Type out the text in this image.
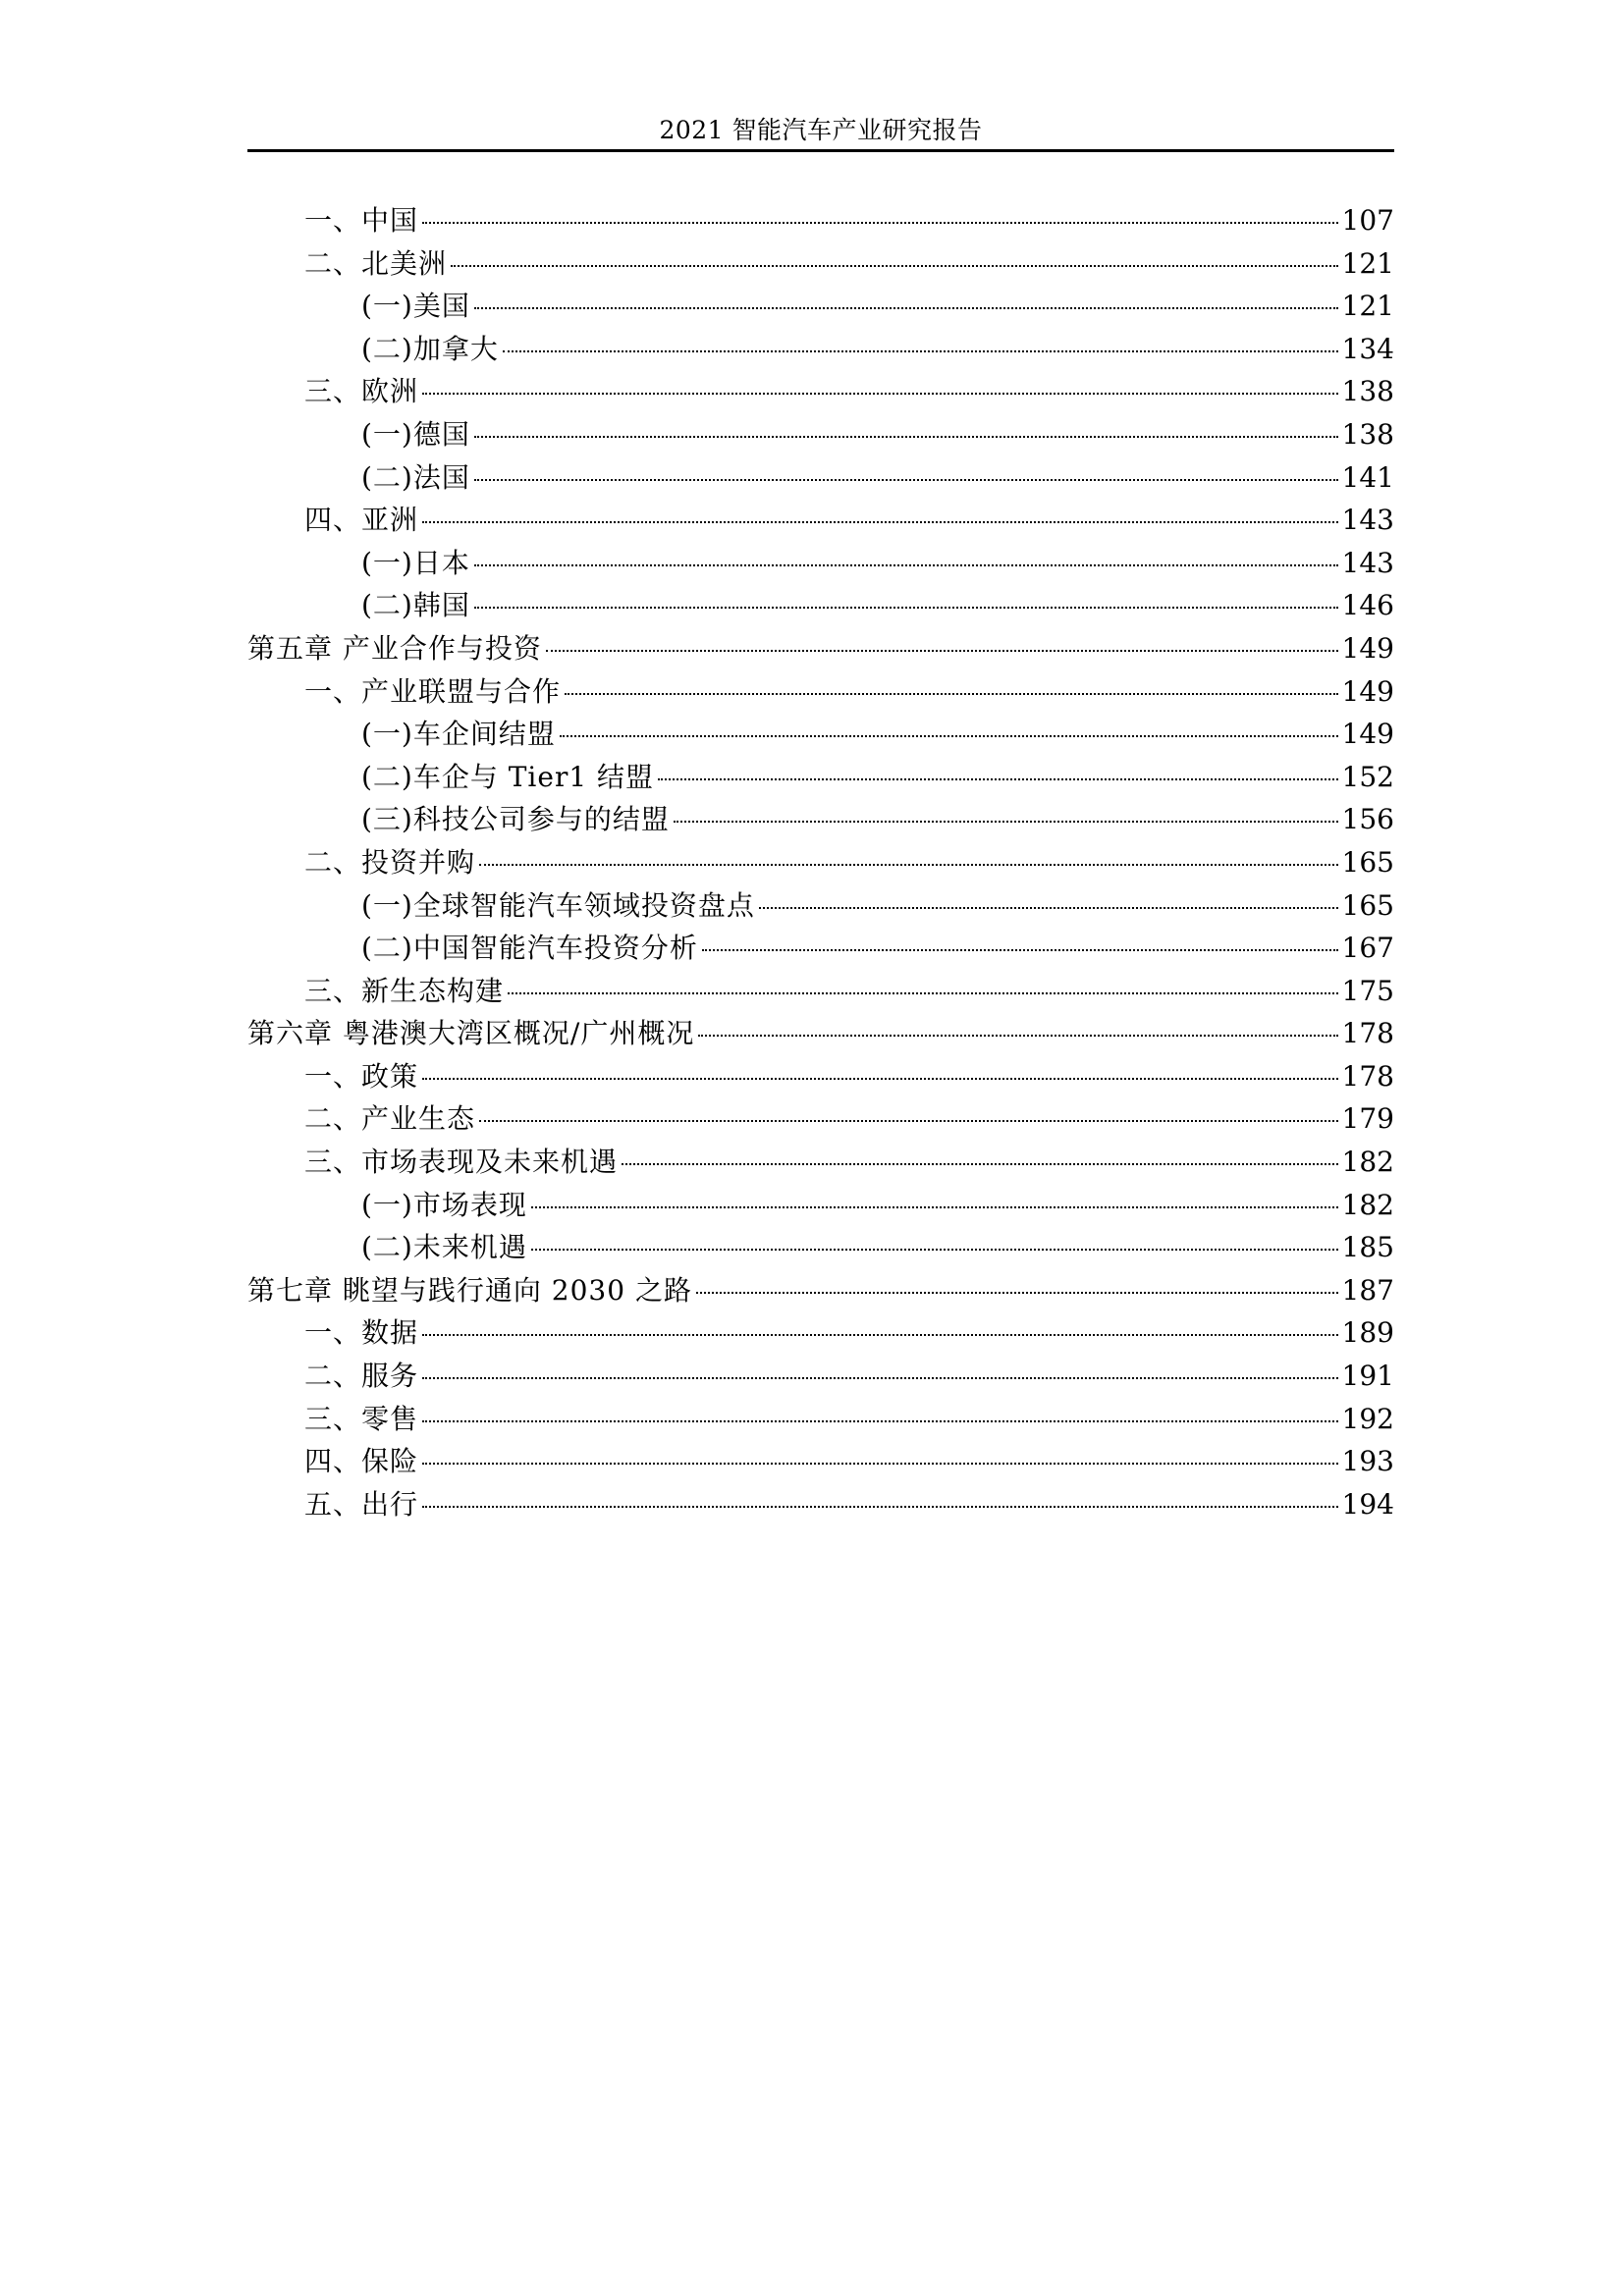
2021 智能汽车产业研究报告
一、中国	107
二、北美洲	121
(一)美国	121
(二)加拿大	134
三、欧洲	138
(一)德国	138
(二)法国	141
四、亚洲	143
(一)日本	143
(二)韩国	146
第五章 产业合作与投资	149
一、产业联盟与合作	149
(一)车企间结盟	149
(二)车企与 Tier1 结盟	152
(三)科技公司参与的结盟	156
二、投资并购	165
(一)全球智能汽车领域投资盘点	165
(二)中国智能汽车投资分析	167
三、新生态构建	175
第六章 粤港澳大湾区概况/广州概况	178
一、政策	178
二、产业生态	179
三、市场表现及未来机遇	182
(一)市场表现	182
(二)未来机遇	185
第七章 眺望与践行通向 2030 之路	187
一、数据	189
二、服务	191
三、零售	192
四、保险	193
五、出行	194
